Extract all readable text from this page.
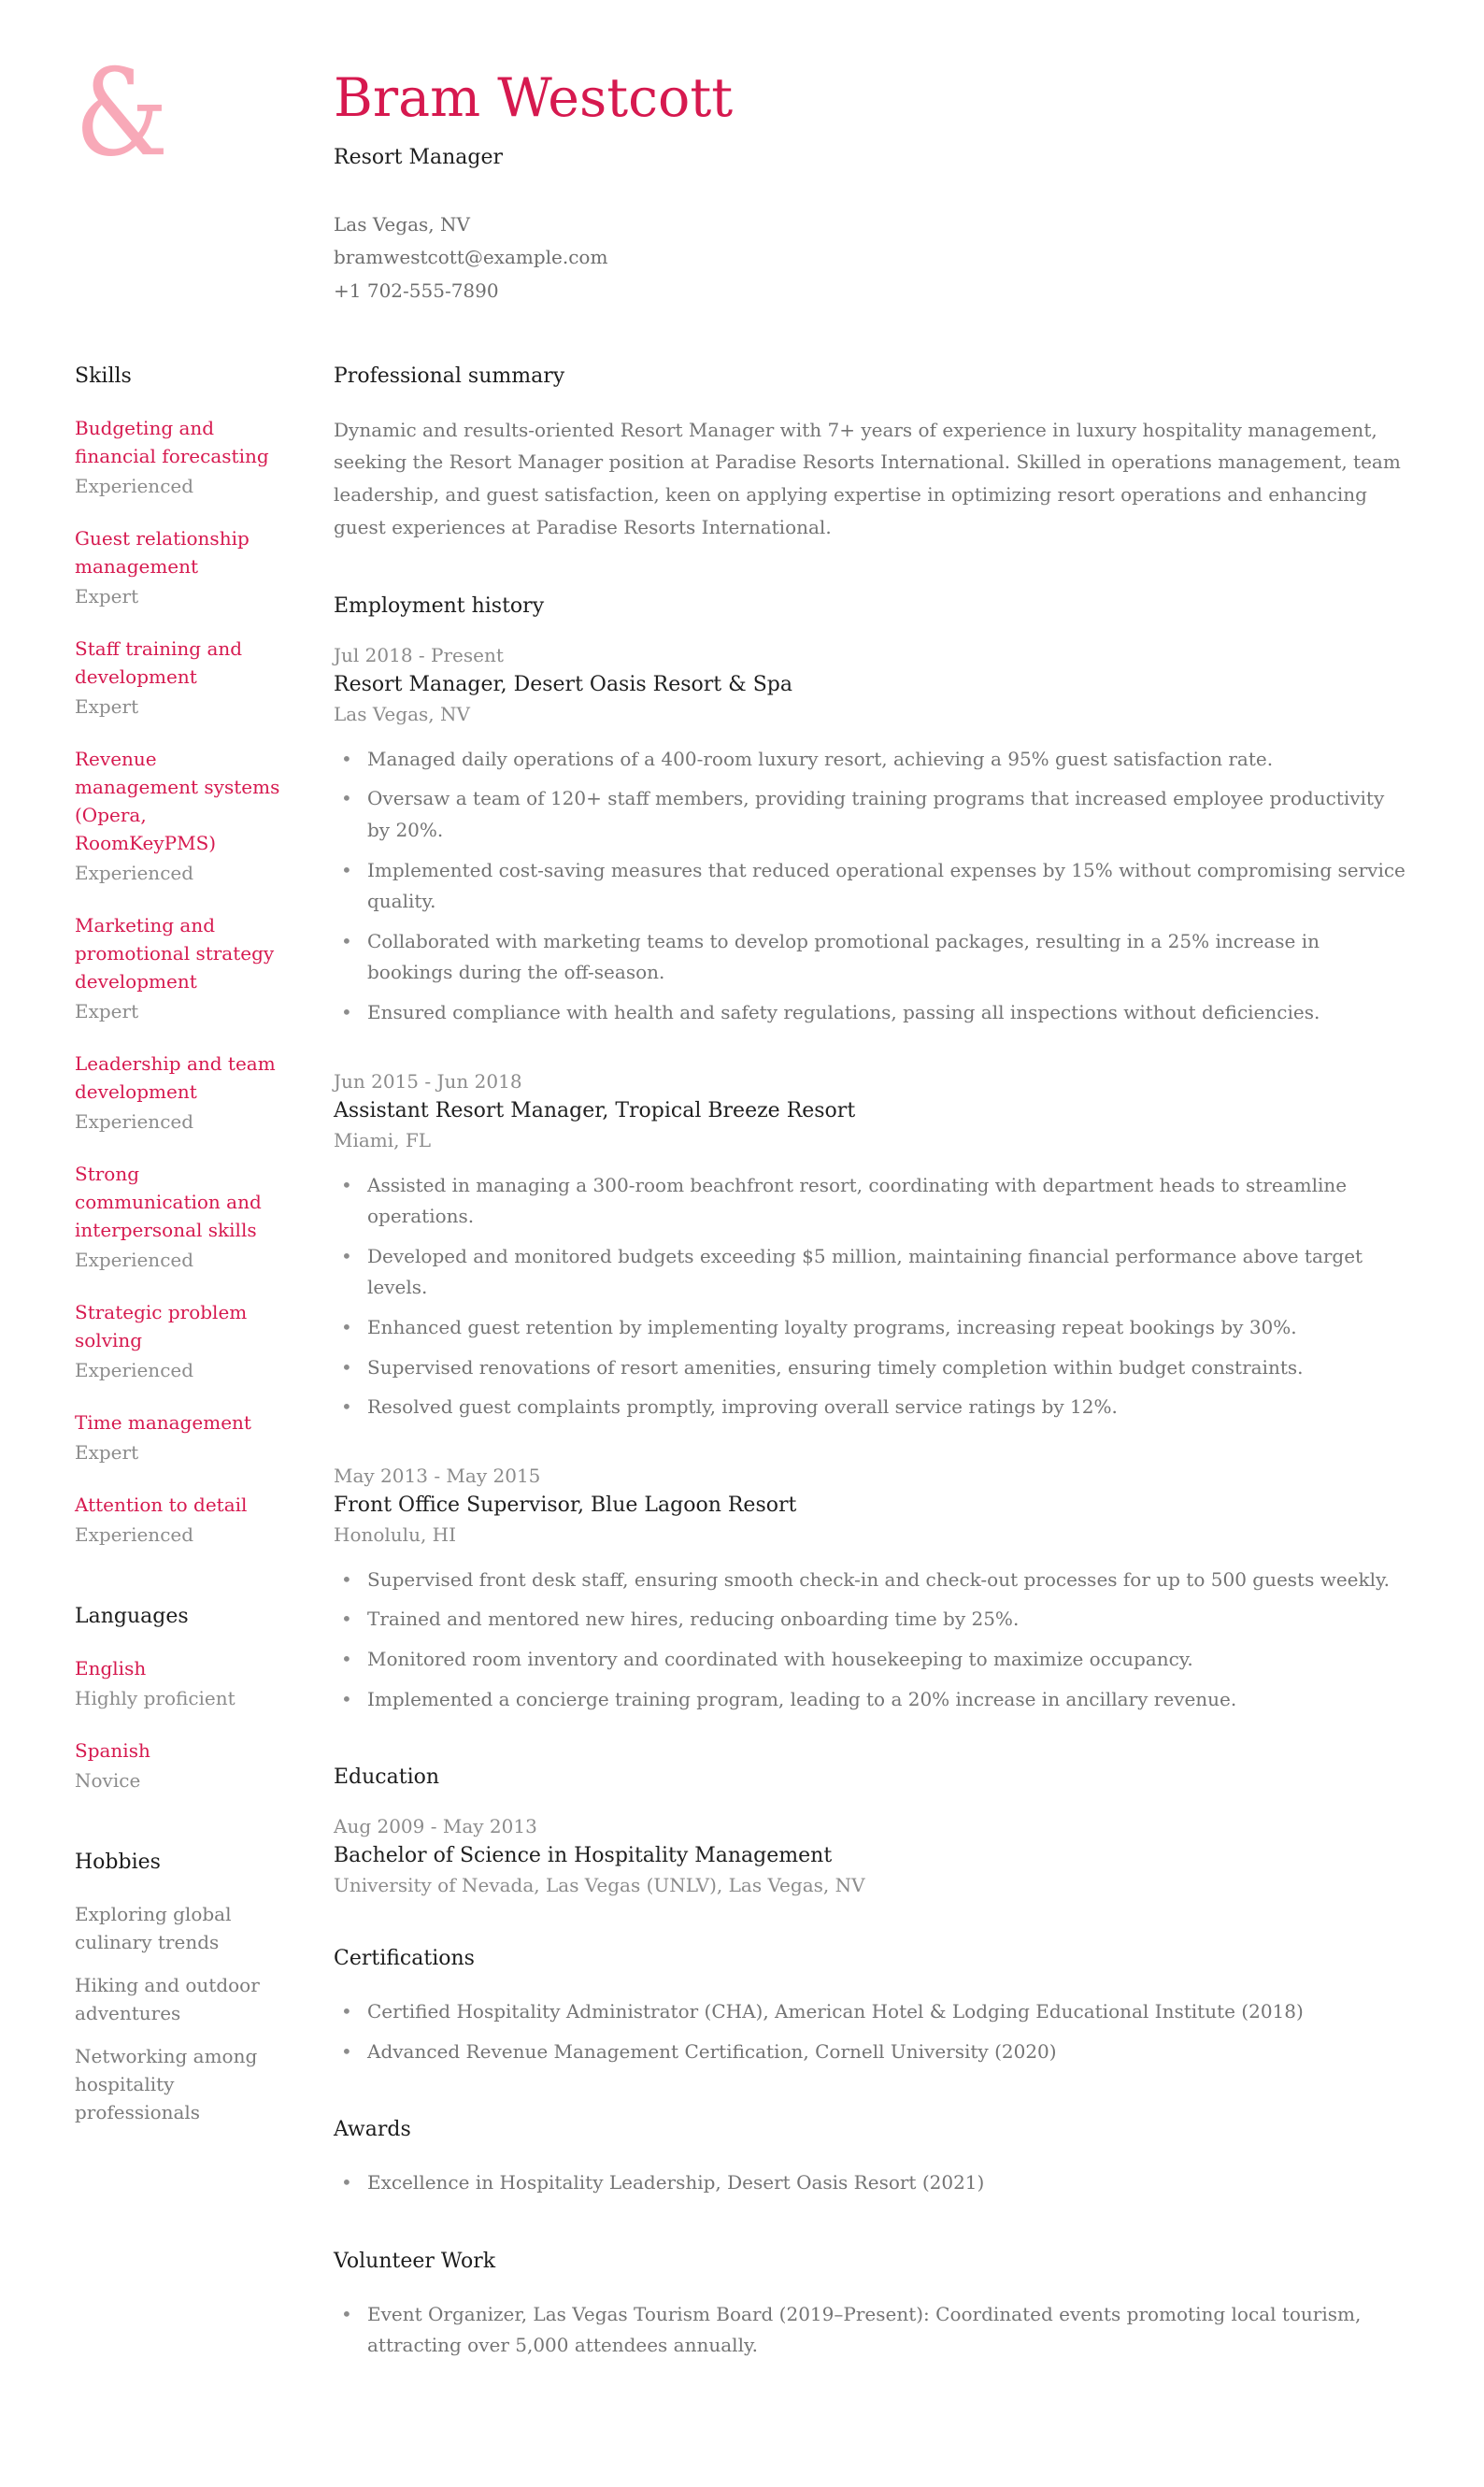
&	Bram Westcott
Resort Manager
Las Vegas, NV
bramwestcott@example.com
+1 702-555-7890
Skills
Budgeting and financial forecasting
Experienced
Guest relationship management
Expert
Staff training and development
Expert
Revenue management systems (Opera, RoomKeyPMS)
Experienced
Marketing and promotional strategy development
Expert
Leadership and team development
Experienced
Strong communication and interpersonal skills
Experienced
Strategic problem solving
Experienced
Time management
Expert
Attention to detail
Experienced
Languages
English
Highly proficient
Spanish
Novice
Hobbies
Exploring global culinary trends
Hiking and outdoor adventures
Networking among hospitality professionals
Professional summary

Dynamic and results-oriented Resort Manager with 7+ years of experience in luxury hospitality management, seeking the Resort Manager position at Paradise Resorts International. Skilled in operations management, team leadership, and guest satisfaction, keen on applying expertise in optimizing resort operations and enhancing guest experiences at Paradise Resorts International.

Employment history
Jul 2018 - Present
Resort Manager, Desert Oasis Resort & Spa
Las Vegas, NV
• Managed daily operations of a 400-room luxury resort, achieving a 95% guest satisfaction rate.
• Oversaw a team of 120+ staff members, providing training programs that increased employee productivity by 20%.
• Implemented cost-saving measures that reduced operational expenses by 15% without compromising service quality.
• Collaborated with marketing teams to develop promotional packages, resulting in a 25% increase in bookings during the off-season.
• Ensured compliance with health and safety regulations, passing all inspections without deficiencies.
Jun 2015 - Jun 2018
Assistant Resort Manager, Tropical Breeze Resort
Miami, FL
• Assisted in managing a 300-room beachfront resort, coordinating with department heads to streamline operations.
• Developed and monitored budgets exceeding $5 million, maintaining financial performance above target levels.
• Enhanced guest retention by implementing loyalty programs, increasing repeat bookings by 30%.
• Supervised renovations of resort amenities, ensuring timely completion within budget constraints.
• Resolved guest complaints promptly, improving overall service ratings by 12%.
May 2013 - May 2015
Front Office Supervisor, Blue Lagoon Resort
Honolulu, HI
• Supervised front desk staff, ensuring smooth check-in and check-out processes for up to 500 guests weekly.
• Trained and mentored new hires, reducing onboarding time by 25%.
• Monitored room inventory and coordinated with housekeeping to maximize occupancy.
• Implemented a concierge training program, leading to a 20% increase in ancillary revenue.
Education
Aug 2009 - May 2013
Bachelor of Science in Hospitality Management
University of Nevada, Las Vegas (UNLV), Las Vegas, NV
Certifications
• Certified Hospitality Administrator (CHA), American Hotel & Lodging Educational Institute (2018)
• Advanced Revenue Management Certification, Cornell University (2020)
Awards
• Excellence in Hospitality Leadership, Desert Oasis Resort (2021)
Volunteer Work
• Event Organizer, Las Vegas Tourism Board (2019–Present): Coordinated events promoting local tourism, attracting over 5,000 attendees annually.
